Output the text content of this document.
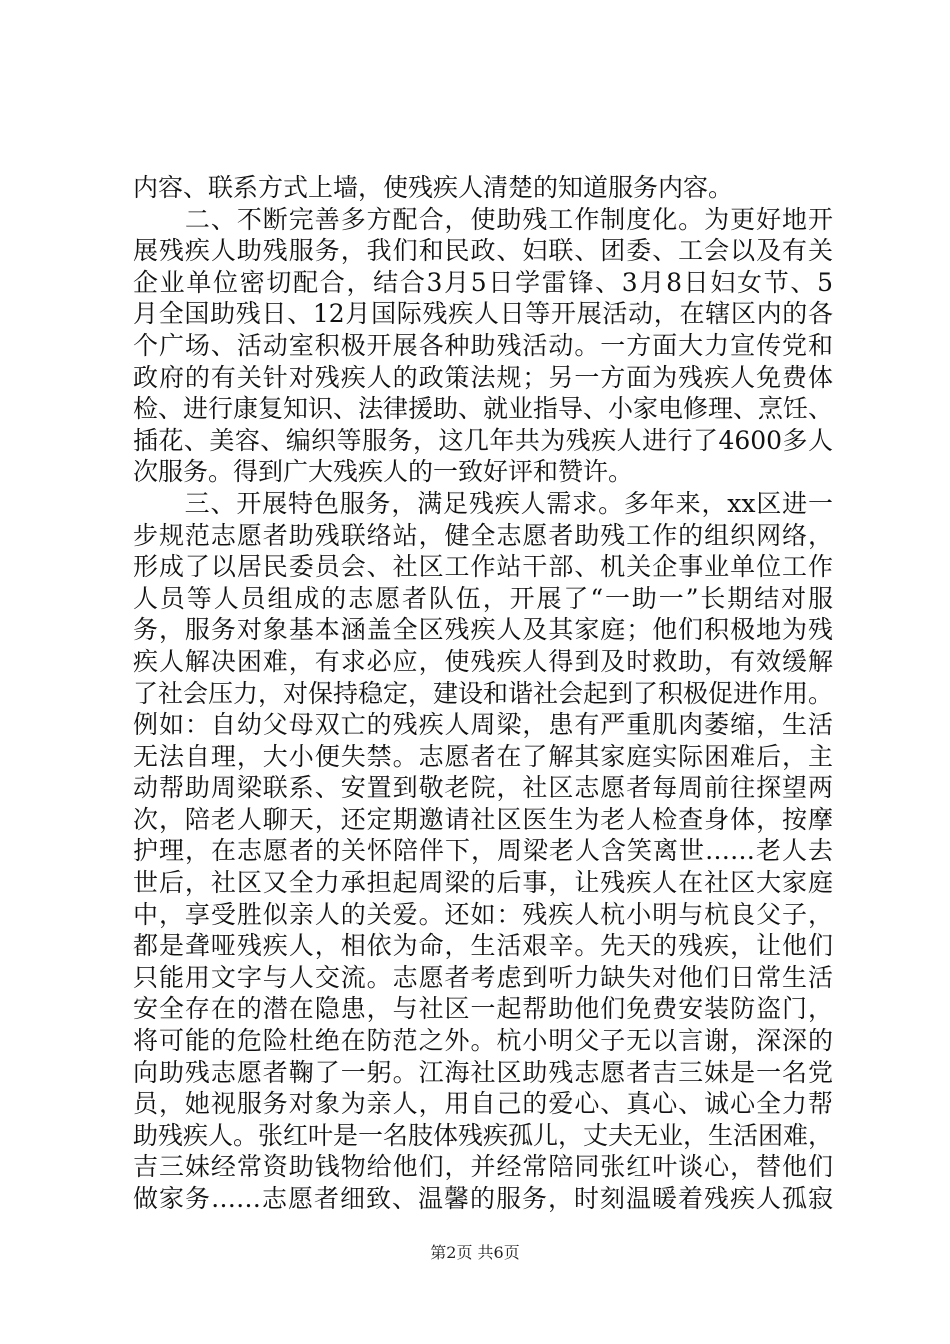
内容、联系方式上墙，使残疾人清楚的知道服务内容。
　　二、不断完善多方配合，使助残工作制度化。为更好地开
展残疾人助残服务，我们和民政、妇联、团委、工会以及有关
企业单位密切配合，结合3月5日学雷锋、3月8日妇女节、5
月全国助残日、12月国际残疾人日等开展活动，在辖区内的各
个广场、活动室积极开展各种助残活动。一方面大力宣传党和
政府的有关针对残疾人的政策法规；另一方面为残疾人免费体
检、进行康复知识、法律援助、就业指导、小家电修理、烹饪、
插花、美容、编织等服务，这几年共为残疾人进行了4600多人
次服务。得到广大残疾人的一致好评和赞许。
　　三、开展特色服务，满足残疾人需求。多年来，xx区进一
步规范志愿者助残联络站，健全志愿者助残工作的组织网络，
形成了以居民委员会、社区工作站干部、机关企事业单位工作
人员等人员组成的志愿者队伍，开展了“一助一”长期结对服
务，服务对象基本涵盖全区残疾人及其家庭；他们积极地为残
疾人解决困难，有求必应，使残疾人得到及时救助，有效缓解
了社会压力，对保持稳定，建设和谐社会起到了积极促进作用。
例如：自幼父母双亡的残疾人周梁，患有严重肌肉萎缩，生活
无法自理，大小便失禁。志愿者在了解其家庭实际困难后，主
动帮助周梁联系、安置到敬老院，社区志愿者每周前往探望两
次，陪老人聊天，还定期邀请社区医生为老人检查身体，按摩
护理，在志愿者的关怀陪伴下，周梁老人含笑离世……老人去
世后，社区又全力承担起周梁的后事，让残疾人在社区大家庭
中，享受胜似亲人的关爱。还如：残疾人杭小明与杭良父子，
都是聋哑残疾人，相依为命，生活艰辛。先天的残疾，让他们
只能用文字与人交流。志愿者考虑到听力缺失对他们日常生活
安全存在的潜在隐患，与社区一起帮助他们免费安装防盗门，
将可能的危险杜绝在防范之外。杭小明父子无以言谢，深深的
向助残志愿者鞠了一躬。江海社区助残志愿者吉三妹是一名党
员，她视服务对象为亲人，用自己的爱心、真心、诚心全力帮
助残疾人。张红叶是一名肢体残疾孤儿，丈夫无业，生活困难，
吉三妹经常资助钱物给他们，并经常陪同张红叶谈心，替他们
做家务……志愿者细致、温馨的服务，时刻温暖着残疾人孤寂
第2页 共6页
